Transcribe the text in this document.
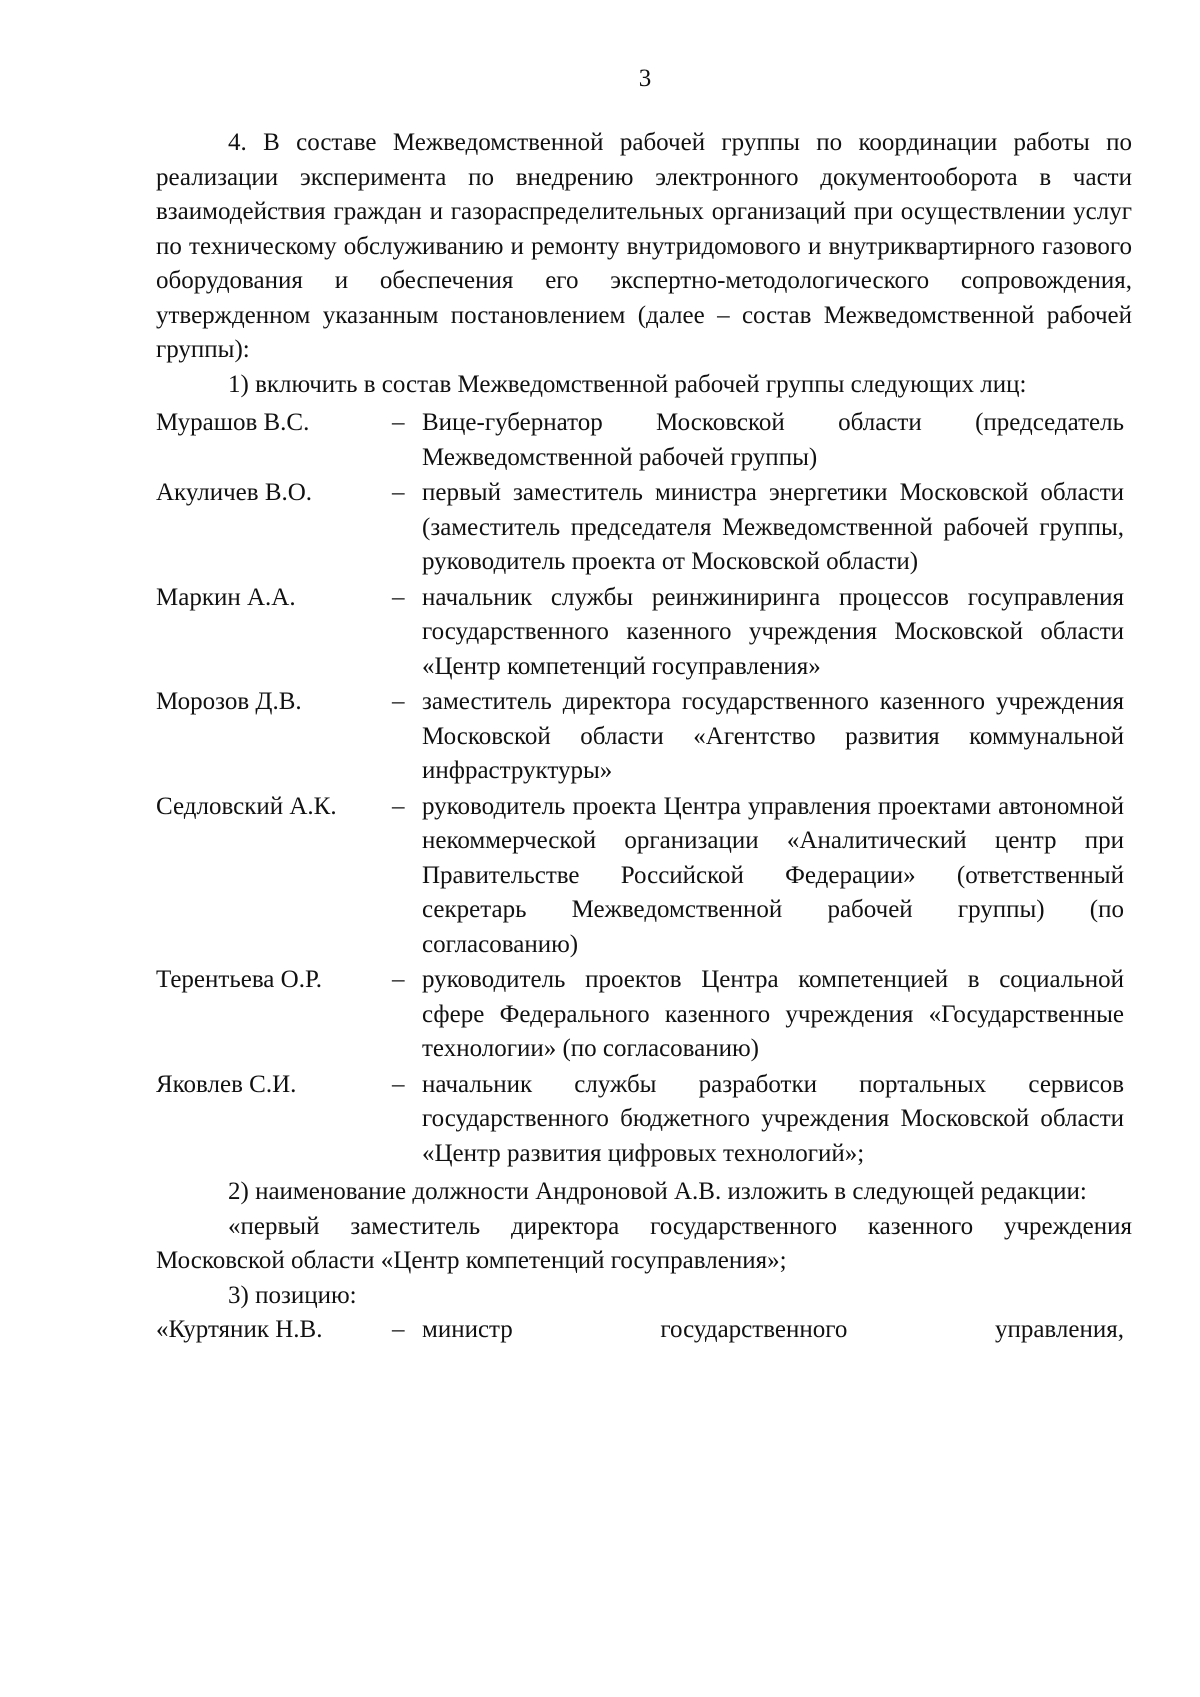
3

4. В составе Межведомственной рабочей группы по координации работы по реализации эксперимента по внедрению электронного документооборота в части взаимодействия граждан и газораспределительных организаций при осуществлении услуг по техническому обслуживанию и ремонту внутридомового и внутриквартирного газового оборудования и обеспечения его экспертно-методологического сопровождения, утвержденном указанным постановлением (далее – состав Межведомственной рабочей группы):

1) включить в состав Межведомственной рабочей группы следующих лиц:

Мурашов В.С.	– Вице-губернатор Московской области (председатель Межведомственной рабочей группы)
Акуличев В.О.	– первый заместитель министра энергетики Московской области (заместитель председателя Межведомственной рабочей группы, руководитель проекта от Московской области)
Маркин А.А.	– начальник службы реинжиниринга процессов госуправления государственного казенного учреждения Московской области «Центр компетенций госуправления»
Морозов Д.В.	– заместитель директора государственного казенного учреждения Московской области «Агентство развития коммунальной инфраструктуры»
Седловский А.К.	– руководитель проекта Центра управления проектами автономной некоммерческой организации «Аналитический центр при Правительстве Российской Федерации» (ответственный секретарь Межведомственной рабочей группы) (по согласованию)
Терентьева О.Р.	– руководитель проектов Центра компетенцией в социальной сфере Федерального казенного учреждения «Государственные технологии» (по согласованию)
Яковлев С.И.	– начальник службы разработки портальных сервисов государственного бюджетного учреждения Московской области «Центр развития цифровых технологий»;

2) наименование должности Андроновой А.В. изложить в следующей редакции:

«первый заместитель директора государственного казенного учреждения Московской области «Центр компетенций госуправления»;

3) позицию:

«Куртяник Н.В.	– министр государственного управления,
